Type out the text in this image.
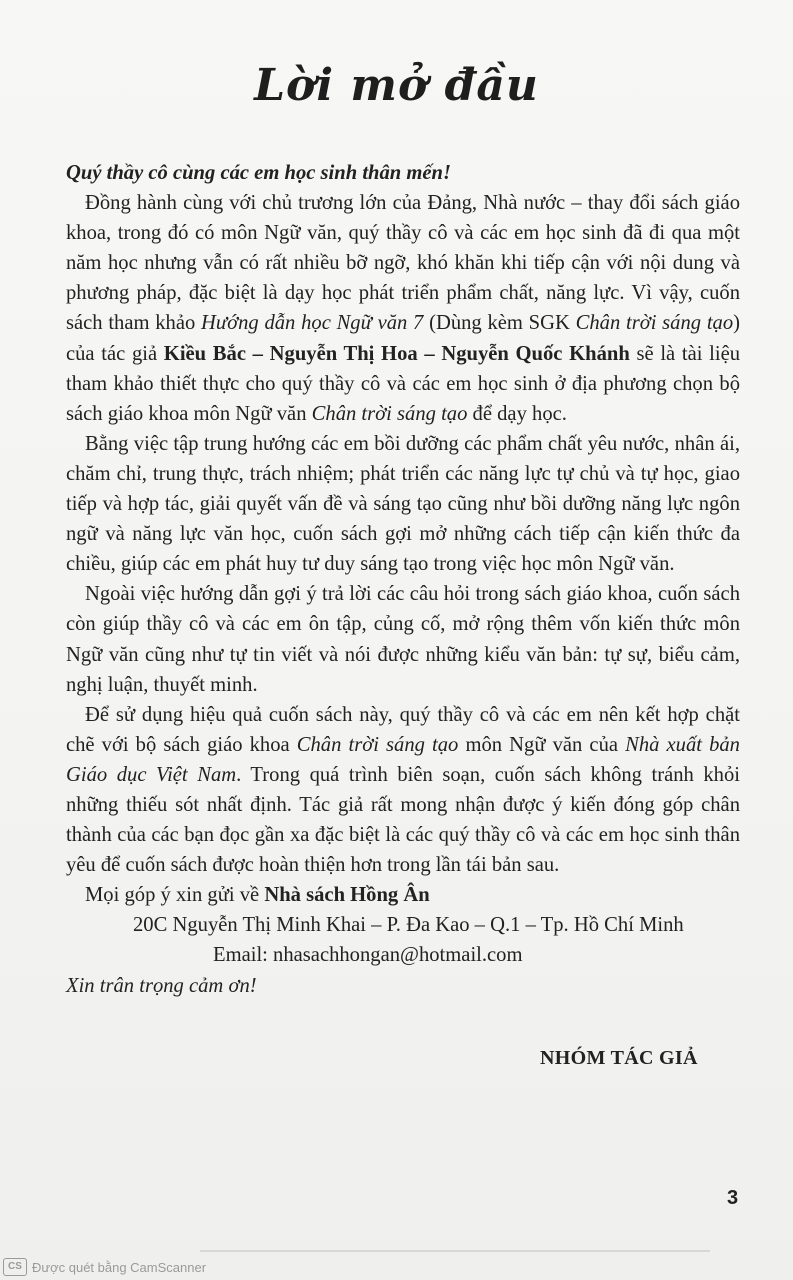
Lời mở đầu

Quý thầy cô cùng các em học sinh thân mến!

Đồng hành cùng với chủ trương lớn của Đảng, Nhà nước – thay đổi sách giáo khoa, trong đó có môn Ngữ văn, quý thầy cô và các em học sinh đã đi qua một năm học nhưng vẫn có rất nhiều bỡ ngỡ, khó khăn khi tiếp cận với nội dung và phương pháp, đặc biệt là dạy học phát triển phẩm chất, năng lực. Vì vậy, cuốn sách tham khảo Hướng dẫn học Ngữ văn 7 (Dùng kèm SGK Chân trời sáng tạo) của tác giả Kiều Bắc – Nguyễn Thị Hoa – Nguyễn Quốc Khánh sẽ là tài liệu tham khảo thiết thực cho quý thầy cô và các em học sinh ở địa phương chọn bộ sách giáo khoa môn Ngữ văn Chân trời sáng tạo để dạy học.

Bằng việc tập trung hướng các em bồi dưỡng các phẩm chất yêu nước, nhân ái, chăm chỉ, trung thực, trách nhiệm; phát triển các năng lực tự chủ và tự học, giao tiếp và hợp tác, giải quyết vấn đề và sáng tạo cũng như bồi dưỡng năng lực ngôn ngữ và năng lực văn học, cuốn sách gợi mở những cách tiếp cận kiến thức đa chiều, giúp các em phát huy tư duy sáng tạo trong việc học môn Ngữ văn.

Ngoài việc hướng dẫn gợi ý trả lời các câu hỏi trong sách giáo khoa, cuốn sách còn giúp thầy cô và các em ôn tập, củng cố, mở rộng thêm vốn kiến thức môn Ngữ văn cũng như tự tin viết và nói được những kiểu văn bản: tự sự, biểu cảm, nghị luận, thuyết minh.

Để sử dụng hiệu quả cuốn sách này, quý thầy cô và các em nên kết hợp chặt chẽ với bộ sách giáo khoa Chân trời sáng tạo môn Ngữ văn của Nhà xuất bản Giáo dục Việt Nam. Trong quá trình biên soạn, cuốn sách không tránh khỏi những thiếu sót nhất định. Tác giả rất mong nhận được ý kiến đóng góp chân thành của các bạn đọc gần xa đặc biệt là các quý thầy cô và các em học sinh thân yêu để cuốn sách được hoàn thiện hơn trong lần tái bản sau.

Mọi góp ý xin gửi về Nhà sách Hồng Ân

20C Nguyễn Thị Minh Khai – P. Đa Kao – Q.1 – Tp. Hồ Chí Minh

Email: nhasachhongan@hotmail.com

Xin trân trọng cảm ơn!

NHÓM TÁC GIẢ
3
CS Được quét bằng CamScanner
